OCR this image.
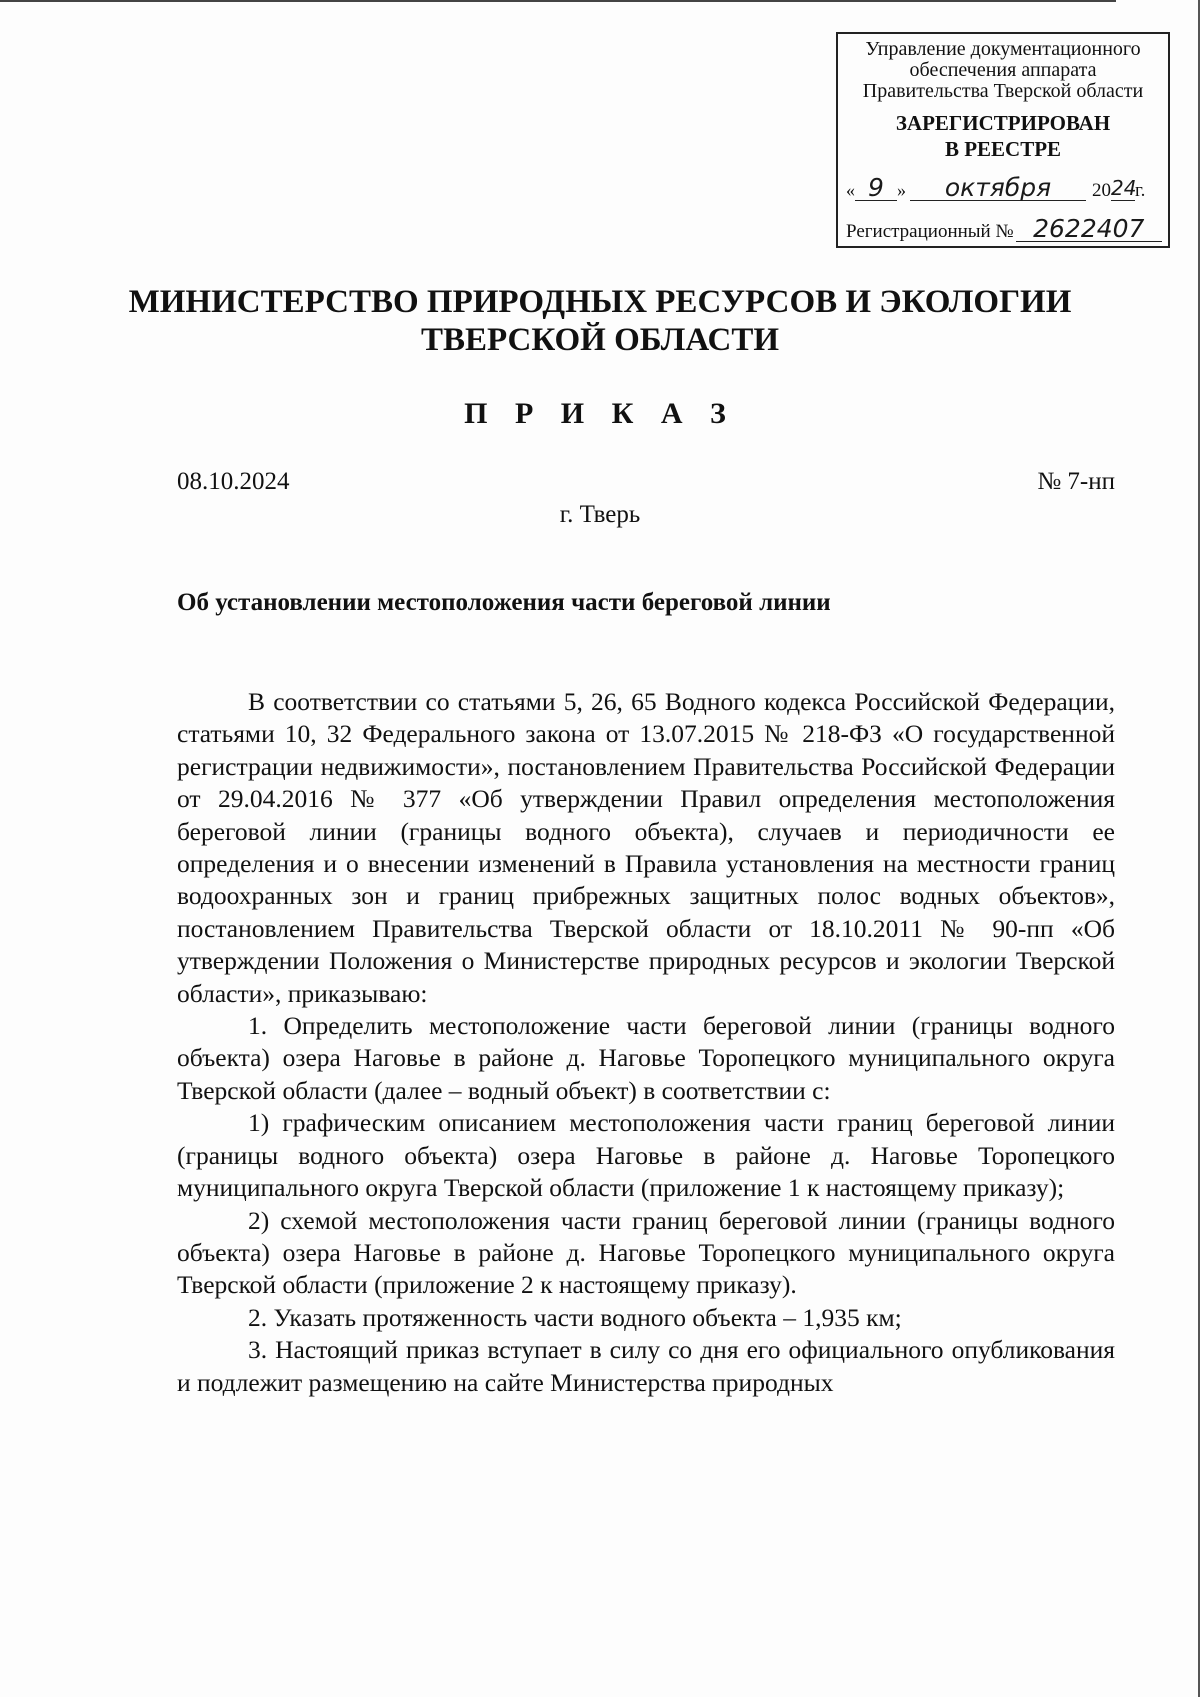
Управление документационного
обеспечения аппарата
Правительства Тверской области
ЗАРЕГИСТРИРОВАН
В РЕЕСТРЕ
« 9 »	октября	20 24
г.
Регистрационный № 2622407
МИНИСТЕРСТВО ПРИРОДНЫХ РЕСУРСОВ И ЭКОЛОГИИ
ТВЕРСКОЙ ОБЛАСТИ
П Р И К А З
08.10.2024	№ 7-нп
г. Тверь
Об установлении местоположения части береговой линии

В соответствии со статьями 5, 26, 65 Водного кодекса Российской Федерации, статьями 10, 32 Федерального закона от 13.07.2015 № 218-ФЗ «О государственной регистрации недвижимости», постановлением Правительства Российской Федерации от 29.04.2016 № 377 «Об утверждении Правил определения местоположения береговой линии (границы водного объекта), случаев и периодичности ее определения и о внесении изменений в Правила установления на местности границ водоохранных зон и границ прибрежных защитных полос водных объектов», постановлением Правительства Тверской области от 18.10.2011 № 90-пп «Об утверждении Положения о Министерстве природных ресурсов и экологии Тверской области», приказываю:

1. Определить местоположение части береговой линии (границы водного объекта) озера Наговье в районе д. Наговье Торопецкого муниципального округа Тверской области (далее – водный объект) в соответствии с:

1) графическим описанием местоположения части границ береговой линии (границы водного объекта) озера Наговье в районе д. Наговье Торопецкого муниципального округа Тверской области (приложение 1 к настоящему приказу);

2) схемой местоположения части границ береговой линии (границы водного объекта) озера Наговье в районе д. Наговье Торопецкого муниципального округа Тверской области (приложение 2 к настоящему приказу).

2. Указать протяженность части водного объекта – 1,935 км;

3. Настоящий приказ вступает в силу со дня его официального опубликования и подлежит размещению на сайте Министерства природных
